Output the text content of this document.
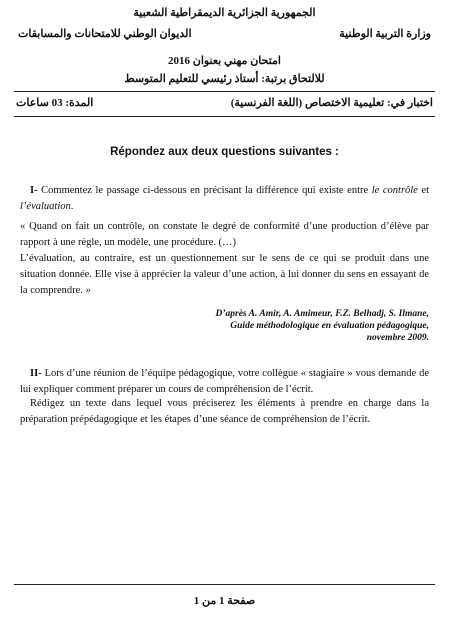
الجمهورية الجزائرية الديمقراطية الشعبية
وزارة التربية الوطنية
الديوان الوطني للامتحانات والمسابقات
امتحان مهني بعنوان 2016
للالتحاق برتبة: أستاذ رئيسي للتعليم المتوسط
اختبار في: تعليمية الاختصاص (اللغة الفرنسية)
المدة: 03 ساعات
Répondez aux deux questions suivantes :

I- Commentez le passage ci-dessous en précisant la différence qui existe entre le contrôle et l’évaluation.

« Quand on fait un contrôle, on constate le degré de conformité d’une production d’élève par rapport à une règle, un modèle, une procédure. (…)

L’évaluation, au contraire, est un questionnement sur le sens de ce qui se produit dans une situation donnée. Elle vise à apprécier la valeur d’une action, à lui donner du sens en essayant de la comprendre. »

D’après A. Amir, A. Amimeur, F.Z. Belhadj, S. Ilmane,
Guide méthodologique en évaluation pédagogique,
novembre 2009.

II- Lors d’une réunion de l’équipe pédagogique, votre collègue « stagiaire » vous demande de lui expliquer comment préparer un cours de compréhension de l’écrit.

Rédigez un texte dans lequel vous préciserez les éléments à prendre en charge dans la préparation prépédagogique et les étapes d’une séance de compréhension de l’écrit.

صفحة 1 من 1
